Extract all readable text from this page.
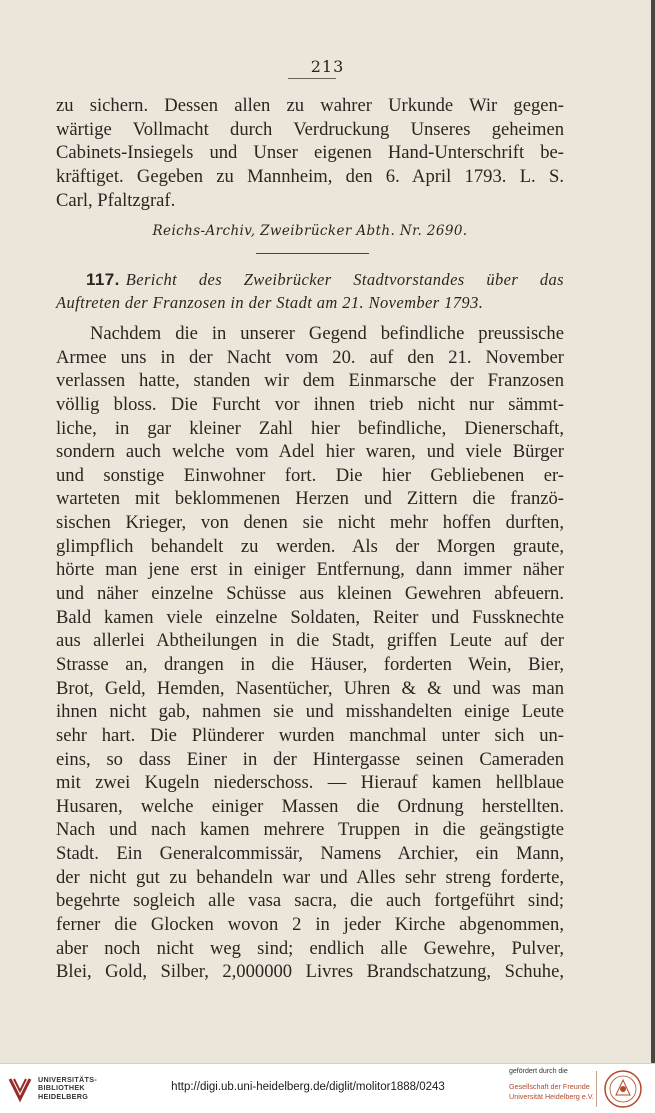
213
zu sichern. Dessen allen zu wahrer Urkunde Wir gegen-
wärtige Vollmacht durch Verdruckung Unseres geheimen
Cabinets-Insiegels und Unser eigenen Hand-Unterschrift be-
kräftiget. Gegeben zu Mannheim, den 6. April 1793. L. S.
Carl, Pfaltzgraf.
Reichs-Archiv, Zweibrücker Abth. Nr. 2690.
117. Bericht des Zweibrücker Stadtvorstandes über das
Auftreten der Franzosen in der Stadt am 21. November 1793.
Nachdem die in unserer Gegend befindliche preussische
Armee uns in der Nacht vom 20. auf den 21. November
verlassen hatte, standen wir dem Einmarsche der Franzosen
völlig bloss. Die Furcht vor ihnen trieb nicht nur sämmt-
liche, in gar kleiner Zahl hier befindliche, Dienerschaft,
sondern auch welche vom Adel hier waren, und viele Bürger
und sonstige Einwohner fort. Die hier Gebliebenen er-
warteten mit beklommenen Herzen und Zittern die franzö-
sischen Krieger, von denen sie nicht mehr hoffen durften,
glimpflich behandelt zu werden. Als der Morgen graute,
hörte man jene erst in einiger Entfernung, dann immer näher
und näher einzelne Schüsse aus kleinen Gewehren abfeuern.
Bald kamen viele einzelne Soldaten, Reiter und Fussknechte
aus allerlei Abtheilungen in die Stadt, griffen Leute auf der
Strasse an, drangen in die Häuser, forderten Wein, Bier,
Brot, Geld, Hemden, Nasentücher, Uhren & & und was man
ihnen nicht gab, nahmen sie und misshandelten einige Leute
sehr hart. Die Plünderer wurden manchmal unter sich un-
eins, so dass Einer in der Hintergasse seinen Cameraden
mit zwei Kugeln niederschoss. — Hierauf kamen hellblaue
Husaren, welche einiger Massen die Ordnung herstellten.
Nach und nach kamen mehrere Truppen in die geängstigte
Stadt. Ein Generalcommissär, Namens Archier, ein Mann,
der nicht gut zu behandeln war und Alles sehr streng forderte,
begehrte sogleich alle vasa sacra, die auch fortgeführt sind;
ferner die Glocken wovon 2 in jeder Kirche abgenommen,
aber noch nicht weg sind; endlich alle Gewehre, Pulver,
Blei, Gold, Silber, 2,000000 Livres Brandschatzung, Schuhe,
UNIVERSITÄTS-
BIBLIOTHEK
HEIDELBERG
http://digi.ub.uni-heidelberg.de/diglit/molitor1888/0243
gefördert durch die
Gesellschaft der Freunde
Universität Heidelberg e.V.
